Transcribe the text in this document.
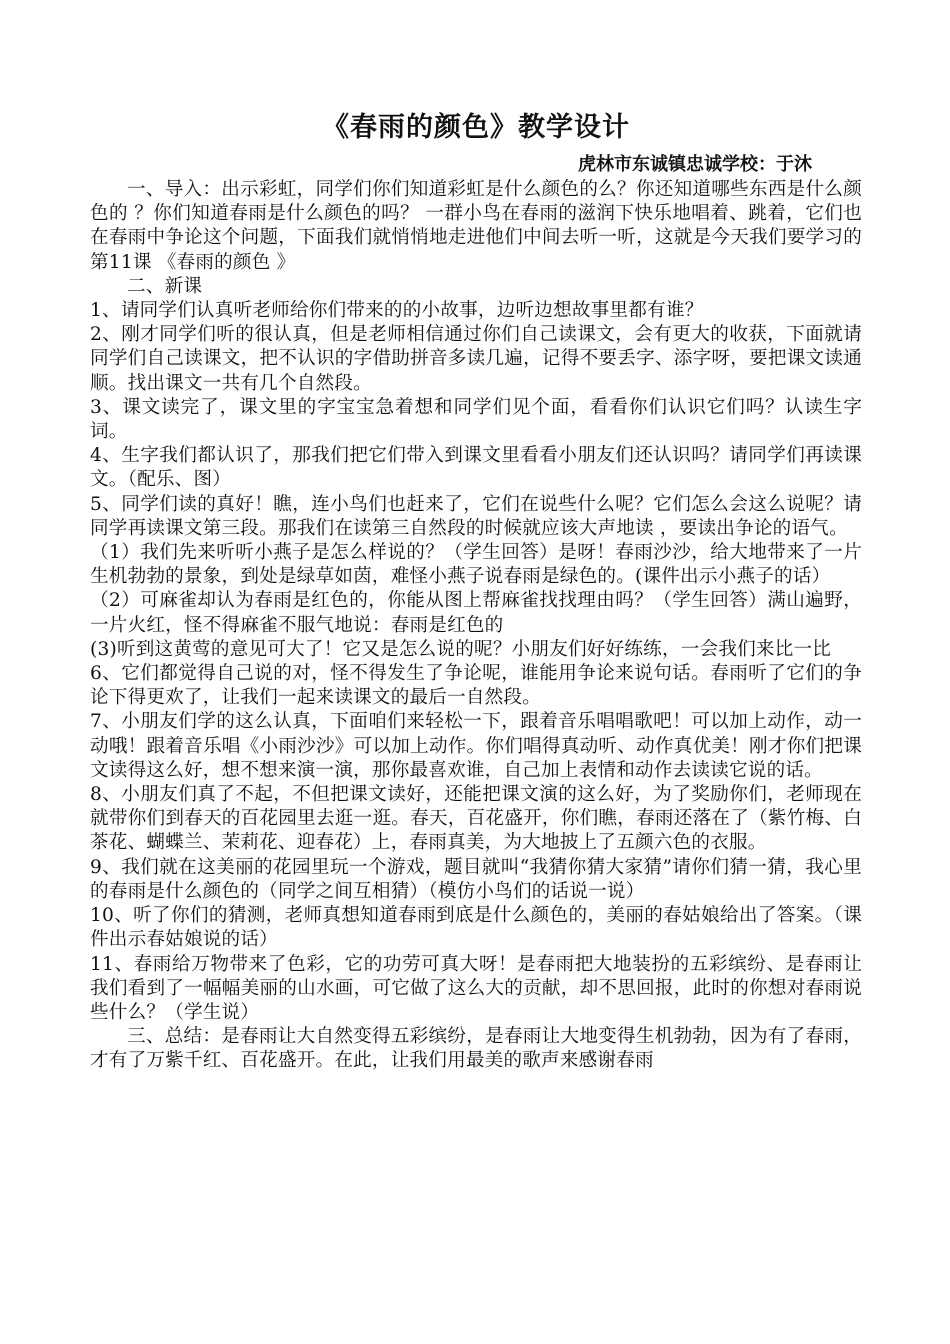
《春雨的颜色》教学设计
虎林市东诚镇忠诚学校：于沐

一、导入：出示彩虹，同学们你们知道彩虹是什么颜色的么？你还知道哪些东西是什么颜色的 ？你们知道春雨是什么颜色的吗？ 一群小鸟在春雨的滋润下快乐地唱着、跳着，它们也在春雨中争论这个问题，下面我们就悄悄地走进他们中间去听一听，这就是今天我们要学习的第11课 《春雨的颜色 》

二、新课

1、请同学们认真听老师给你们带来的的小故事，边听边想故事里都有谁？

2、刚才同学们听的很认真，但是老师相信通过你们自己读课文，会有更大的收获，下面就请同学们自己读课文，把不认识的字借助拼音多读几遍，记得不要丢字、添字呀，要把课文读通顺。找出课文一共有几个自然段。

3、课文读完了，课文里的字宝宝急着想和同学们见个面，看看你们认识它们吗？认读生字词。

4、生字我们都认识了，那我们把它们带入到课文里看看小朋友们还认识吗？请同学们再读课文。（配乐、图）

5、同学们读的真好！瞧，连小鸟们也赶来了，它们在说些什么呢？它们怎么会这么说呢？请同学再读课文第三段。那我们在读第三自然段的时候就应该大声地读 ，要读出争论的语气。

（1）我们先来听听小燕子是怎么样说的？（学生回答）是呀！春雨沙沙，给大地带来了一片生机勃勃的景象，到处是绿草如茵，难怪小燕子说春雨是绿色的。(课件出示小燕子的话）

（2）可麻雀却认为春雨是红色的，你能从图上帮麻雀找找理由吗？（学生回答）满山遍野，一片火红，怪不得麻雀不服气地说：春雨是红色的

(3)听到这黄莺的意见可大了！它又是怎么说的呢？小朋友们好好练练，一会我们来比一比

6、它们都觉得自己说的对，怪不得发生了争论呢，谁能用争论来说句话。春雨听了它们的争论下得更欢了，让我们一起来读课文的最后一自然段。

7、小朋友们学的这么认真，下面咱们来轻松一下，跟着音乐唱唱歌吧！可以加上动作，动一动哦！跟着音乐唱《小雨沙沙》可以加上动作。你们唱得真动听、动作真优美！刚才你们把课文读得这么好，想不想来演一演，那你最喜欢谁，自己加上表情和动作去读读它说的话。

8、小朋友们真了不起，不但把课文读好，还能把课文演的这么好，为了奖励你们，老师现在就带你们到春天的百花园里去逛一逛。春天，百花盛开，你们瞧，春雨还落在了（紫竹梅、白茶花、蝴蝶兰、茉莉花、迎春花）上，春雨真美，为大地披上了五颜六色的衣服。

9、我们就在这美丽的花园里玩一个游戏，题目就叫“我猜你猜大家猜”请你们猜一猜，我心里的春雨是什么颜色的（同学之间互相猜）（模仿小鸟们的话说一说）

10、听了你们的猜测，老师真想知道春雨到底是什么颜色的，美丽的春姑娘给出了答案。（课件出示春姑娘说的话）

11、春雨给万物带来了色彩，它的功劳可真大呀！是春雨把大地装扮的五彩缤纷、是春雨让我们看到了一幅幅美丽的山水画，可它做了这么大的贡献，却不思回报，此时的你想对春雨说些什么？（学生说）

三、总结：是春雨让大自然变得五彩缤纷，是春雨让大地变得生机勃勃，因为有了春雨，才有了万紫千红、百花盛开。在此，让我们用最美的歌声来感谢春雨
